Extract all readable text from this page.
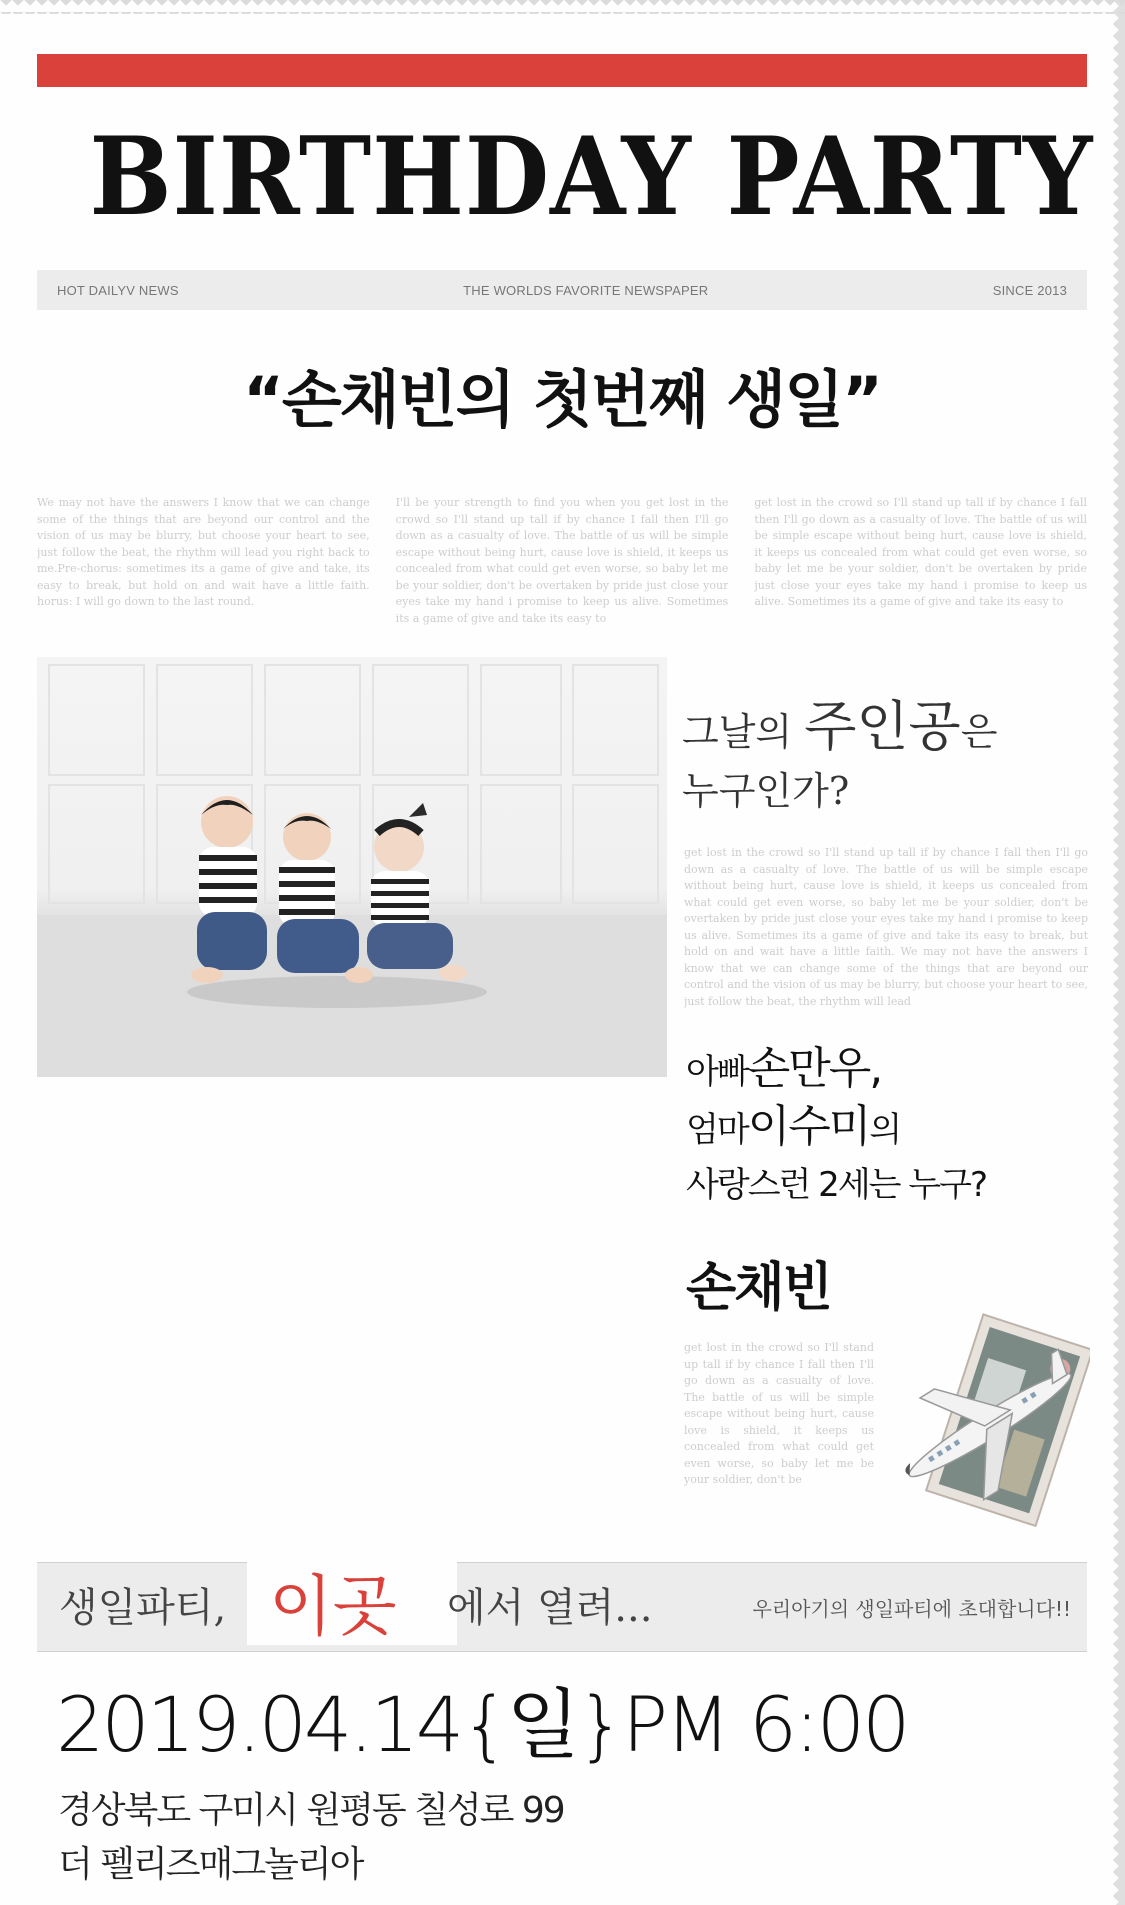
BIRTHDAY PARTY
HOT DAILYV NEWS	THE WORLDS FAVORITE NEWSPAPER	SINCE 2013
“손채빈의 첫번째 생일”
We may not have the answers I know that we can change some of the things that are beyond our control and the vision of us may be blurry, but choose your heart to see, just follow the beat, the rhythm will lead you right back to me.Pre-chorus: sometimes its a game of give and take, its easy to break, but hold on and wait have a little faith. horus: I will go down to the last round.
I'll be your strength to find you when you get lost in the crowd so I'll stand up tall if by chance I fall then I'll go down as a casualty of love. The battle of us will be simple escape without being hurt, cause love is shield, it keeps us concealed from what could get even worse, so baby let me be your soldier, don't be overtaken by pride just close your eyes take my hand i promise to keep us alive. Sometimes its a game of give and take its easy to
get lost in the crowd so I'll stand up tall if by chance I fall then I'll go down as a casualty of love. The battle of us will be simple escape without being hurt, cause love is shield, it keeps us concealed from what could get even worse, so baby let me be your soldier, don't be overtaken by pride just close your eyes take my hand i promise to keep us alive. Sometimes its a game of give and take its easy to
그날의 주인공은
누구인가?
get lost in the crowd so I'll stand up tall if by chance I fall then I'll go down as a casualty of love. The battle of us will be simple escape without being hurt, cause love is shield, it keeps us concealed from what could get even worse, so baby let me be your soldier, don't be overtaken by pride just close your eyes take my hand i promise to keep us alive. Sometimes its a game of give and take its easy to break, but hold on and wait have a little faith. We may not have the answers I know that we can change some of the things that are beyond our control and the vision of us may be blurry, but choose your heart to see, just follow the beat, the rhythm will lead
아빠손만우,
엄마이수미의
사랑스런 2세는 누구?
손채빈
get lost in the crowd so I'll stand up tall if by chance I fall then I'll go down as a casualty of love. The battle of us will be simple escape without being hurt, cause love is shield, it keeps us concealed from what could get even worse, so baby let me be your soldier, don't be
생일파티, 이곳 에서 열려...	우리아기의 생일파티에 초대합니다!!
2019.04.14{일}PM 6:00
경상북도 구미시 원평동 칠성로 99
더 펠리즈매그놀리아
